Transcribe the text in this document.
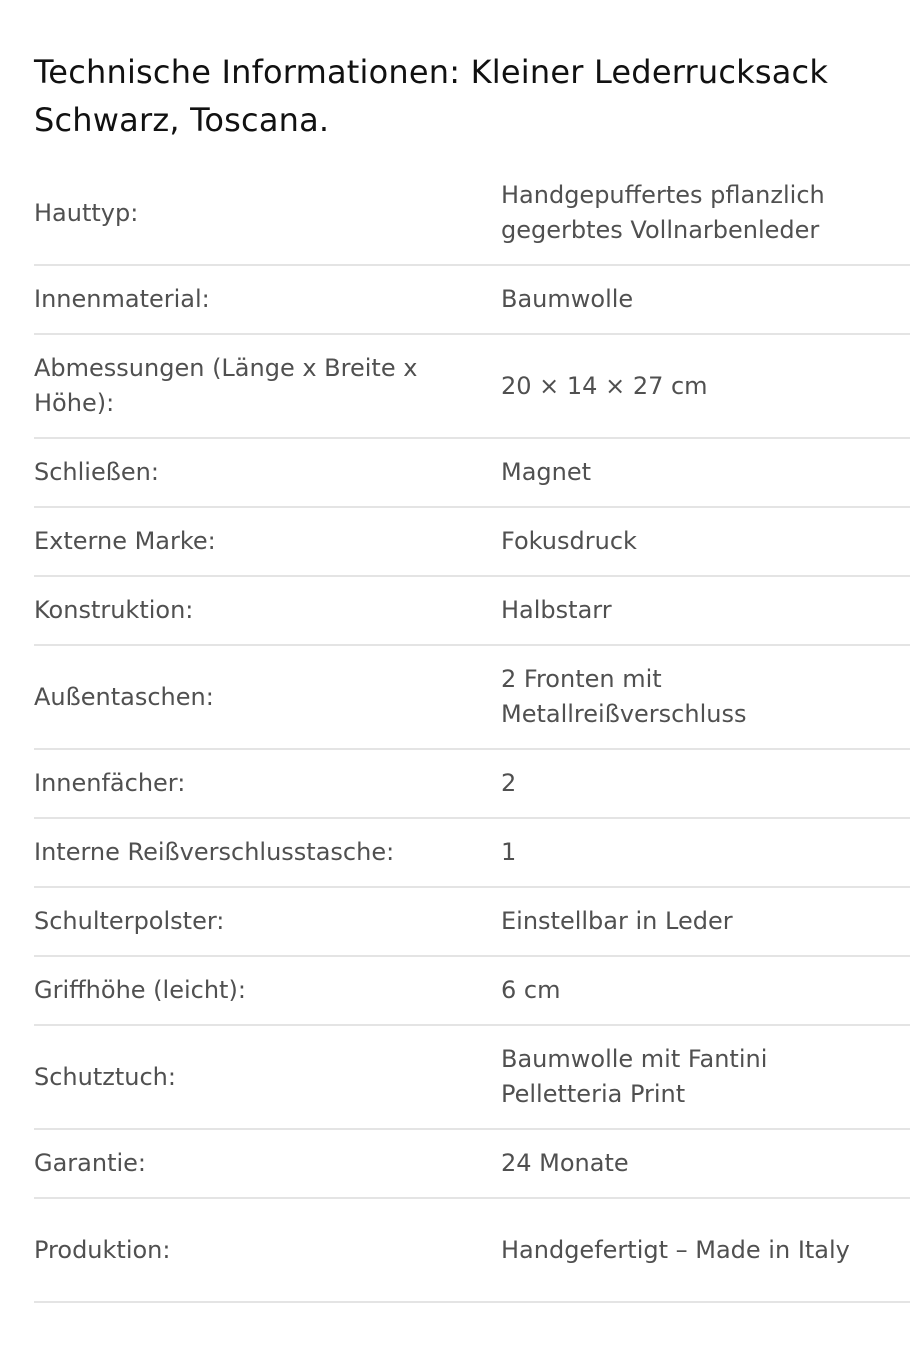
Technische Informationen: Kleiner Lederrucksack Schwarz, Toscana.
Hauttyp:
Handgepuffertes pflanzlich gegerbtes Vollnarbenleder
Innenmaterial:	Baumwolle
Abmessungen (Länge x Breite x Höhe):
20 × 14 × 27 cm
Schließen:	Magnet
Externe Marke:	Fokusdruck
Konstruktion:	Halbstarr
Außentaschen:
2 Fronten mit Metallreißverschluss
Innenfächer:	2
Interne Reißverschlusstasche:	1
Schulterpolster:	Einstellbar in Leder
Griffhöhe (leicht):	6 cm
Schutztuch:
Baumwolle mit Fantini Pelletteria Print
Garantie:	24 Monate
Produktion:	Handgefertigt – Made in Italy
